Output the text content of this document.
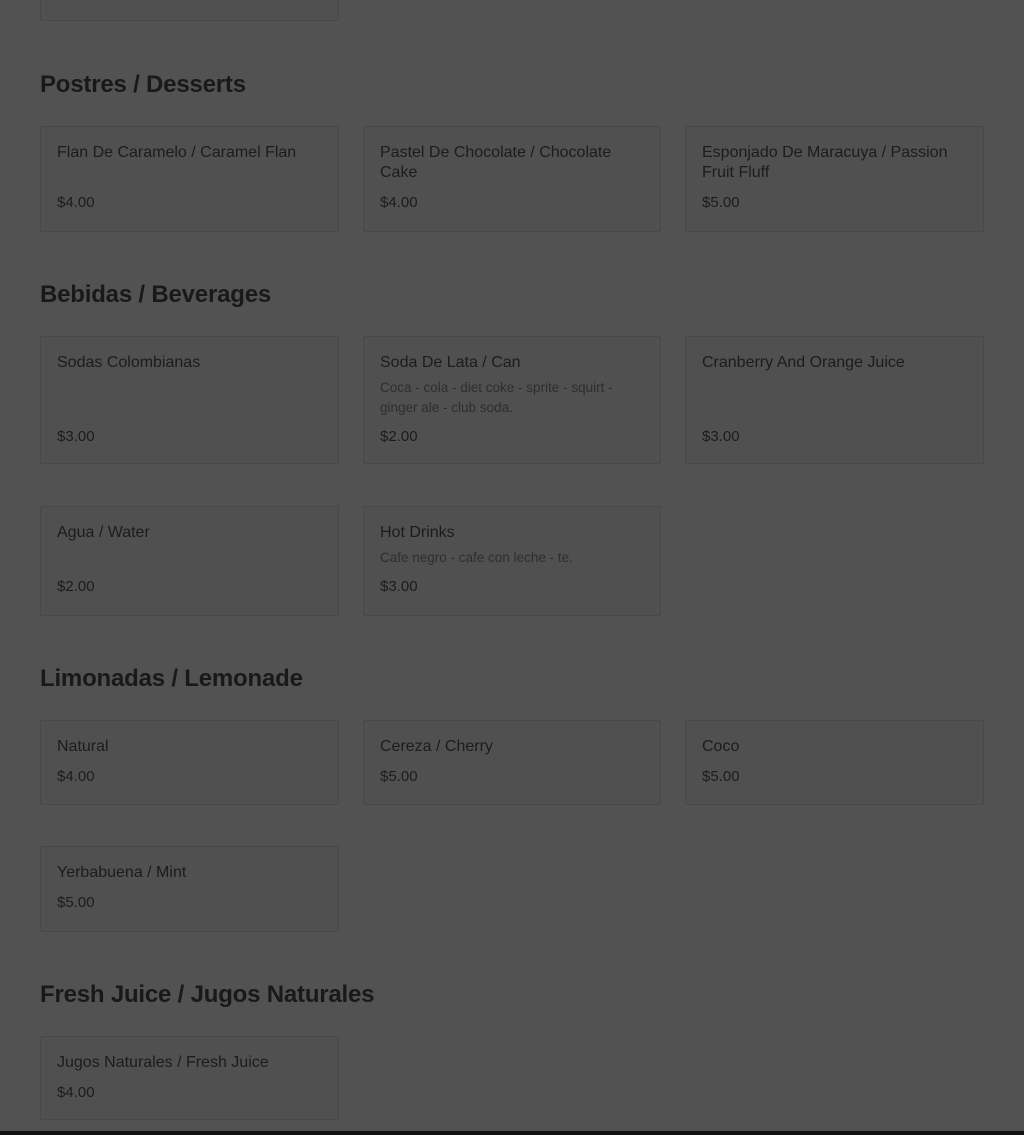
Postres / Desserts
Flan De Caramelo / Caramel Flan
$4.00
Pastel De Chocolate / Chocolate Cake
$4.00
Esponjado De Maracuya / Passion Fruit Fluff
$5.00
Bebidas / Beverages
Sodas Colombianas
$3.00
Soda De Lata / Can
Coca - cola - diet coke - sprite - squirt - ginger ale - club soda.
$2.00
Cranberry And Orange Juice
$3.00
Agua / Water
$2.00
Hot Drinks
Cafe negro - cafe con leche - te.
$3.00
Limonadas / Lemonade
Natural
$4.00
Cereza / Cherry
$5.00
Coco
$5.00
Yerbabuena / Mint
$5.00
Fresh Juice / Jugos Naturales
Jugos Naturales / Fresh Juice
$4.00
